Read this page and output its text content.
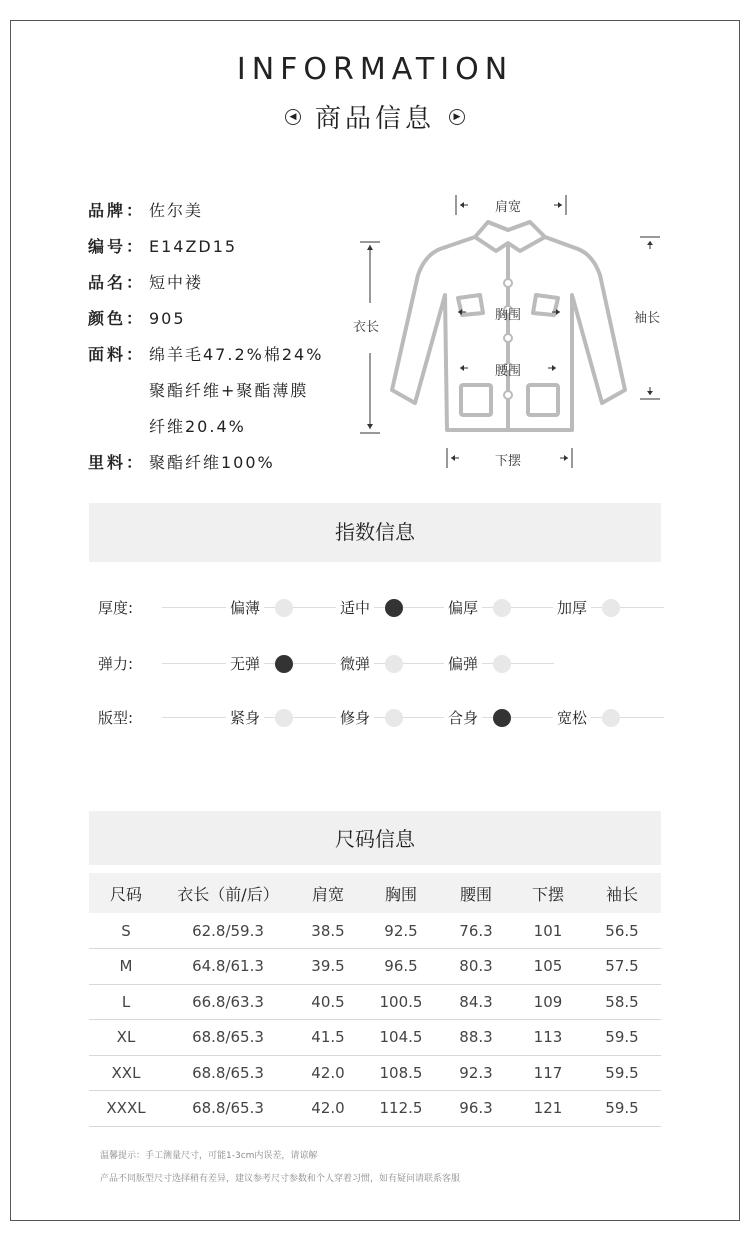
INFORMATION
◀ 商品信息 ▶
品牌： 佐尔美
编号： E14ZD15
品名： 短中褛
颜色： 905
面料： 绵羊毛47.2%棉24%
聚酯纤维+聚酯薄膜
纤维20.4%
里料： 聚酯纤维100%
肩宽
衣长
胸围
腰围
下摆
袖长
指数信息
厚度:	偏薄	适中	偏厚	加厚
弹力:	无弹	微弹	偏弹
版型:	紧身	修身	合身	宽松
尺码信息
尺码	衣长（前/后）	肩宽	胸围	腰围	下摆	袖长
S	62.8/59.3	38.5	92.5	76.3	101	56.5
M	64.8/61.3	39.5	96.5	80.3	105	57.5
L	66.8/63.3	40.5	100.5	84.3	109	58.5
XL	68.8/65.3	41.5	104.5	88.3	113	59.5
XXL	68.8/65.3	42.0	108.5	92.3	117	59.5
XXXL	68.8/65.3	42.0	112.5	96.3	121	59.5
温馨提示：手工测量尺寸，可能1-3cm内误差，请谅解
产品不同版型尺寸选择稍有差异，建议参考尺寸参数和个人穿着习惯，如有疑问请联系客服
